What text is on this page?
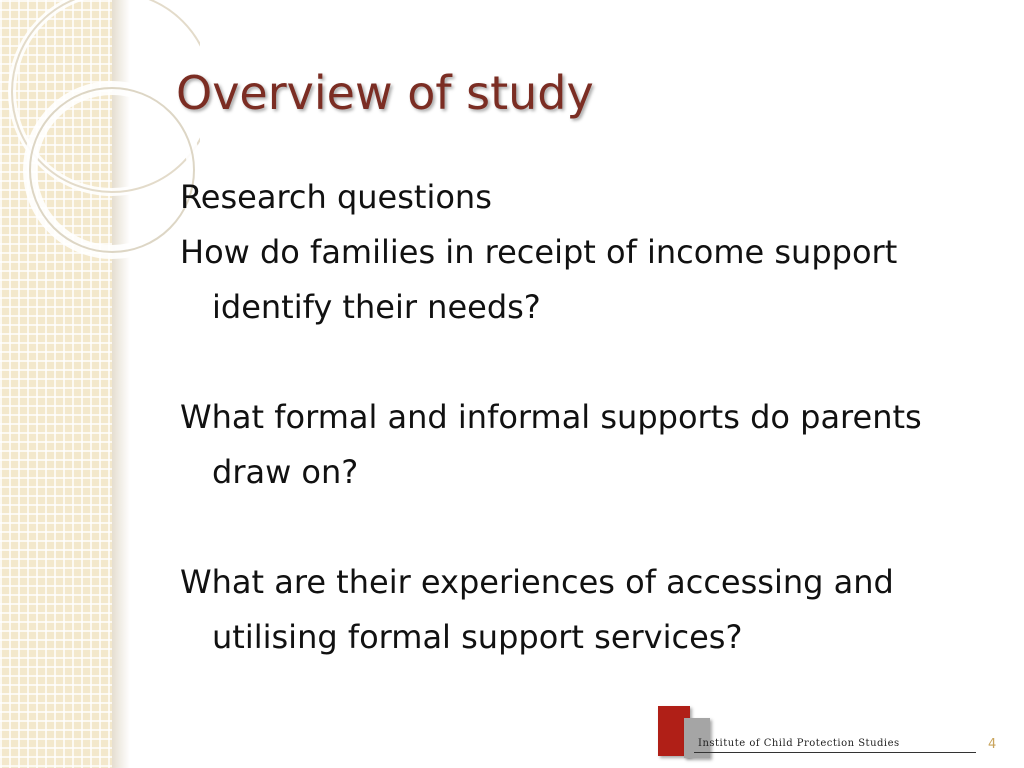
Overview of study

Research questions

How do families in receipt of income support identify their needs?

What formal and informal supports do parents draw on?

What are their experiences of accessing and utilising formal support services?

Institute of Child Protection Studies	4
